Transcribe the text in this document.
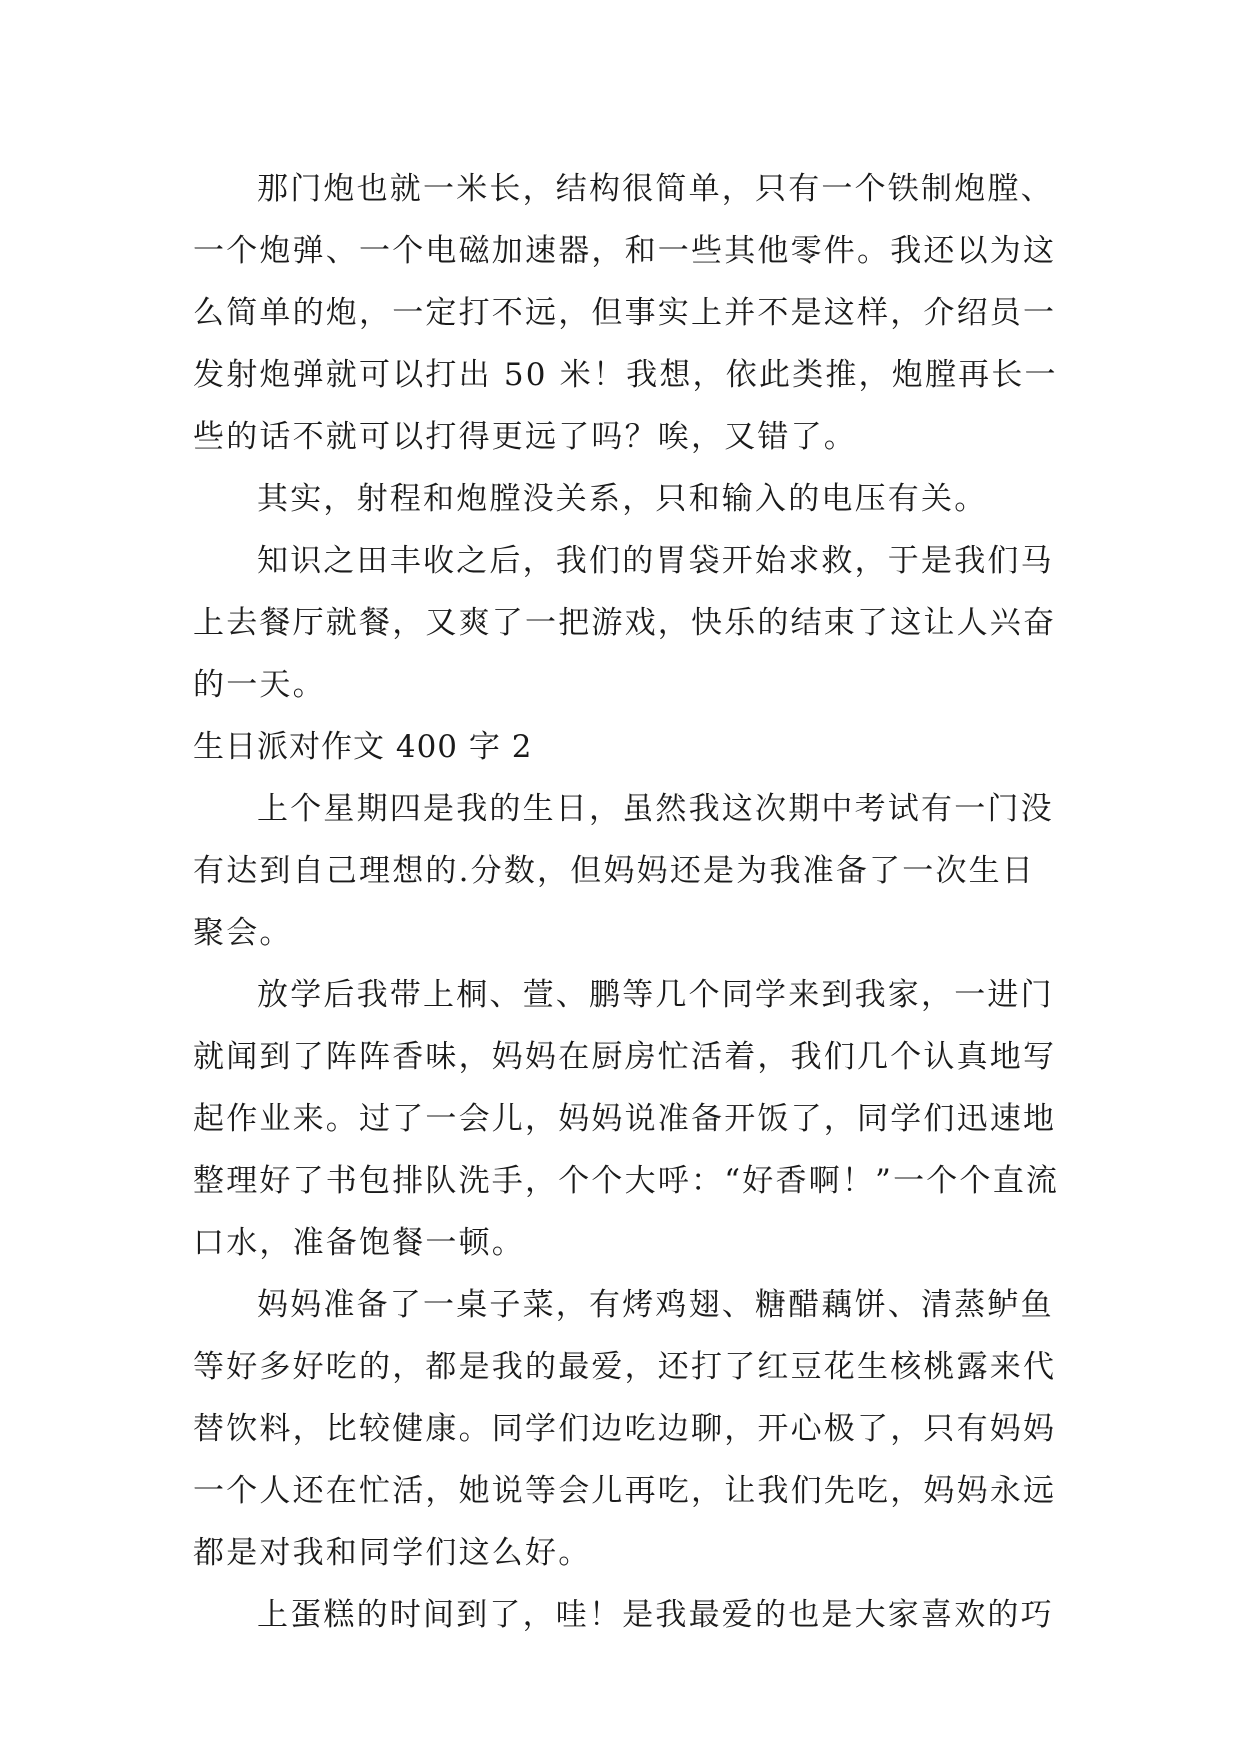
那门炮也就一米长，结构很简单，只有一个铁制炮膛、
一个炮弹、一个电磁加速器，和一些其他零件。我还以为这
么简单的炮，一定打不远，但事实上并不是这样，介绍员一
发射炮弹就可以打出 50 米！我想，依此类推，炮膛再长一
些的话不就可以打得更远了吗？唉，又错了。
其实，射程和炮膛没关系，只和输入的电压有关。
知识之田丰收之后，我们的胃袋开始求救，于是我们马
上去餐厅就餐，又爽了一把游戏，快乐的结束了这让人兴奋
的一天。
生日派对作文 400 字 2
上个星期四是我的生日，虽然我这次期中考试有一门没
有达到自己理想的.分数，但妈妈还是为我准备了一次生日
聚会。
放学后我带上桐、萱、鹏等几个同学来到我家，一进门
就闻到了阵阵香味，妈妈在厨房忙活着，我们几个认真地写
起作业来。过了一会儿，妈妈说准备开饭了，同学们迅速地
整理好了书包排队洗手，个个大呼：“好香啊！”一个个直流
口水，准备饱餐一顿。
妈妈准备了一桌子菜，有烤鸡翅、糖醋藕饼、清蒸鲈鱼
等好多好吃的，都是我的最爱，还打了红豆花生核桃露来代
替饮料，比较健康。同学们边吃边聊，开心极了，只有妈妈
一个人还在忙活，她说等会儿再吃，让我们先吃，妈妈永远
都是对我和同学们这么好。
上蛋糕的时间到了，哇！是我最爱的也是大家喜欢的巧
